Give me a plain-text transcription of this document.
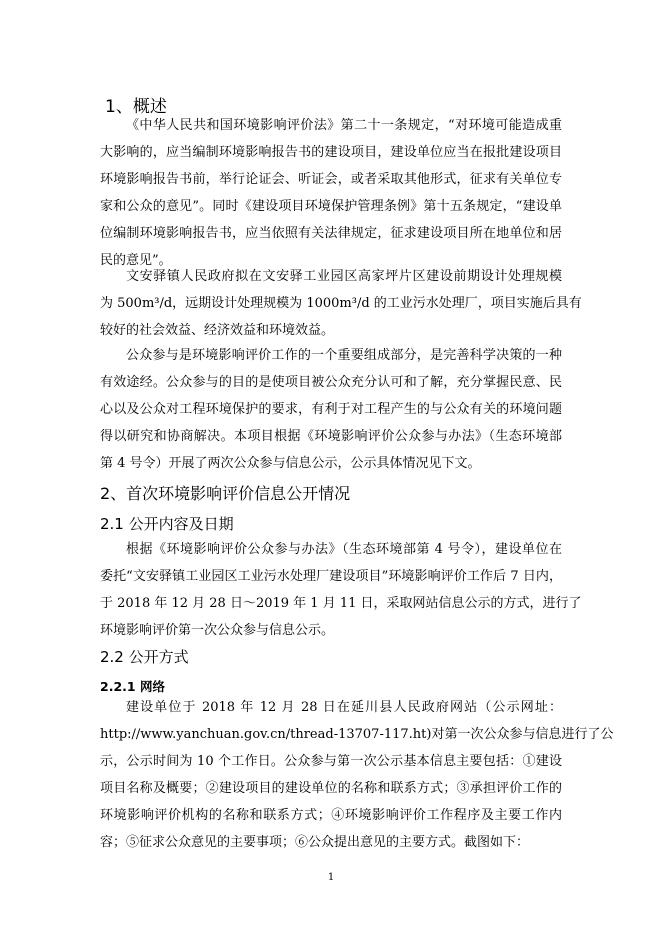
1、概述
《中华人民共和国环境影响评价法》第二十一条规定，“对环境可能造成重
大影响的，应当编制环境影响报告书的建设项目，建设单位应当在报批建设项目
环境影响报告书前，举行论证会、听证会，或者采取其他形式，征求有关单位专
家和公众的意见”。同时《建设项目环境保护管理条例》第十五条规定，“建设单
位编制环境影响报告书，应当依照有关法律规定，征求建设项目所在地单位和居
民的意见”。
文安驿镇人民政府拟在文安驿工业园区高家坪片区建设前期设计处理规模
为 500m³/d，远期设计处理规模为 1000m³/d 的工业污水处理厂，项目实施后具有
较好的社会效益、经济效益和环境效益。
公众参与是环境影响评价工作的一个重要组成部分，是完善科学决策的一种
有效途经。公众参与的目的是使项目被公众充分认可和了解，充分掌握民意、民
心以及公众对工程环境保护的要求，有利于对工程产生的与公众有关的环境问题
得以研究和协商解决。本项目根据《环境影响评价公众参与办法》（生态环境部
第 4 号令）开展了两次公众参与信息公示，公示具体情况见下文。
2、首次环境影响评价信息公开情况
2.1 公开内容及日期
根据《环境影响评价公众参与办法》（生态环境部第 4 号令），建设单位在
委托“文安驿镇工业园区工业污水处理厂建设项目”环境影响评价工作后 7 日内，
于 2018 年 12 月 28 日～2019 年 1 月 11 日，采取网站信息公示的方式，进行了
环境影响评价第一次公众参与信息公示。
2.2 公开方式
2.2.1 网络
建设单位于 2018 年 12 月 28 日在延川县人民政府网站（公示网址：
http://www.yanchuan.gov.cn/thread-13707-117.ht)对第一次公众参与信息进行了公
示，公示时间为 10 个工作日。公众参与第一次公示基本信息主要包括：①建设
项目名称及概要；②建设项目的建设单位的名称和联系方式；③承担评价工作的
环境影响评价机构的名称和联系方式；④环境影响评价工作程序及主要工作内
容；⑤征求公众意见的主要事项；⑥公众提出意见的主要方式。截图如下：
1
